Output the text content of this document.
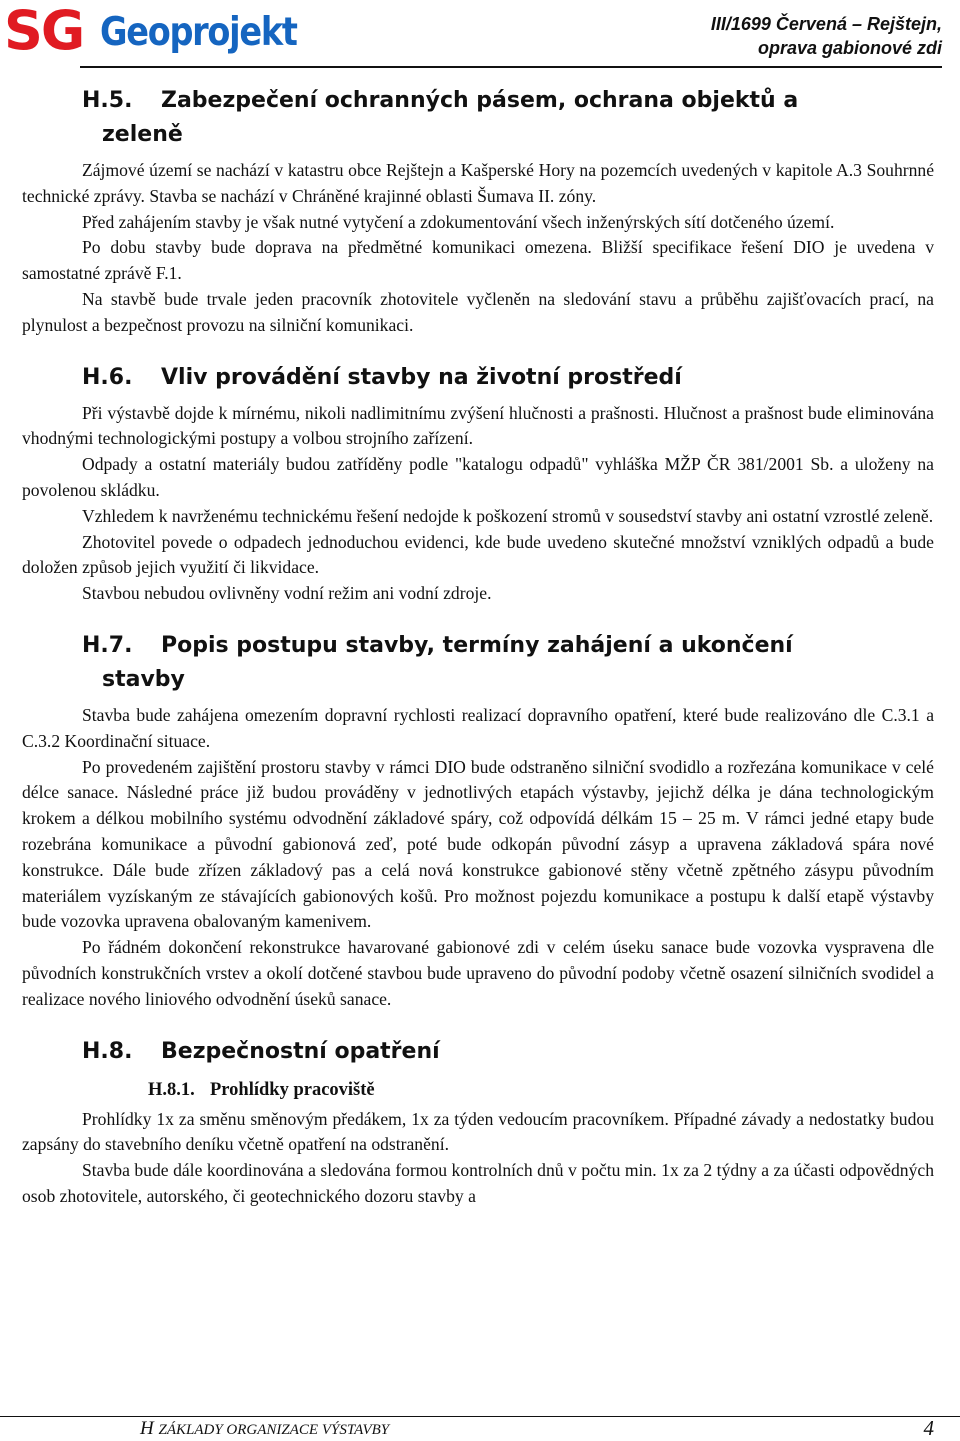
SG Geoprojekt	III/1699 Červená – Rejštejn,
oprava gabionové zdi
H.5. Zabezpečení ochranných pásem, ochrana objektů a
zeleně

Zájmové území se nachází v katastru obce Rejštejn a Kašperské Hory na pozemcích uvedených v kapitole A.3 Souhrnné technické zprávy. Stavba se nachází v Chráněné krajinné oblasti Šumava II. zóny.

Před zahájením stavby je však nutné vytyčení a zdokumentování všech inženýrských sítí dotčeného území.

Po dobu stavby bude doprava na předmětné komunikaci omezena. Bližší specifikace řešení DIO je uvedena v samostatné zprávě F.1.

Na stavbě bude trvale jeden pracovník zhotovitele vyčleněn na sledování stavu a průběhu zajišťovacích prací, na plynulost a bezpečnost provozu na silniční komunikaci.

H.6. Vliv provádění stavby na životní prostředí

Při výstavbě dojde k mírnému, nikoli nadlimitnímu zvýšení hlučnosti a prašnosti. Hlučnost a prašnost bude eliminována vhodnými technologickými postupy a volbou strojního zařízení.

Odpady a ostatní materiály budou zatříděny podle "katalogu odpadů" vyhláška MŽP ČR 381/2001 Sb. a uloženy na povolenou skládku.

Vzhledem k navrženému technickému řešení nedojde k poškození stromů v sousedství stavby ani ostatní vzrostlé zeleně.

Zhotovitel povede o odpadech jednoduchou evidenci, kde bude uvedeno skutečné množství vzniklých odpadů a bude doložen způsob jejich využití či likvidace.

Stavbou nebudou ovlivněny vodní režim ani vodní zdroje.

H.7. Popis postupu stavby, termíny zahájení a ukončení
stavby

Stavba bude zahájena omezením dopravní rychlosti realizací dopravního opatření, které bude realizováno dle C.3.1 a C.3.2 Koordinační situace.

Po provedeném zajištění prostoru stavby v rámci DIO bude odstraněno silniční svodidlo a rozřezána komunikace v celé délce sanace. Následné práce již budou prováděny v jednotlivých etapách výstavby, jejichž délka je dána technologickým krokem a délkou mobilního systému odvodnění základové spáry, což odpovídá délkám 15 – 25 m. V rámci jedné etapy bude rozebrána komunikace a původní gabionová zeď, poté bude odkopán původní zásyp a upravena základová spára nové konstrukce. Dále bude zřízen základový pas a celá nová konstrukce gabionové stěny včetně zpětného zásypu původním materiálem vyzískaným ze stávajících gabionových košů. Pro možnost pojezdu komunikace a postupu k další etapě výstavby bude vozovka upravena obalovaným kamenivem.

Po řádném dokončení rekonstrukce havarované gabionové zdi v celém úseku sanace bude vozovka vyspravena dle původních konstrukčních vrstev a okolí dotčené stavbou bude upraveno do původní podoby včetně osazení silničních svodidel a realizace nového liniového odvodnění úseků sanace.

H.8. Bezpečnostní opatření
H.8.1. Prohlídky pracoviště

Prohlídky 1x za směnu směnovým předákem, 1x za týden vedoucím pracovníkem. Případné závady a nedostatky budou zapsány do stavebního deníku včetně opatření na odstranění.

Stavba bude dále koordinována a sledována formou kontrolních dnů v počtu min. 1x za 2 týdny a za účasti odpovědných osob zhotovitele, autorského, či geotechnického dozoru stavby a

H ZÁKLADY ORGANIZACE VÝSTAVBY	4
